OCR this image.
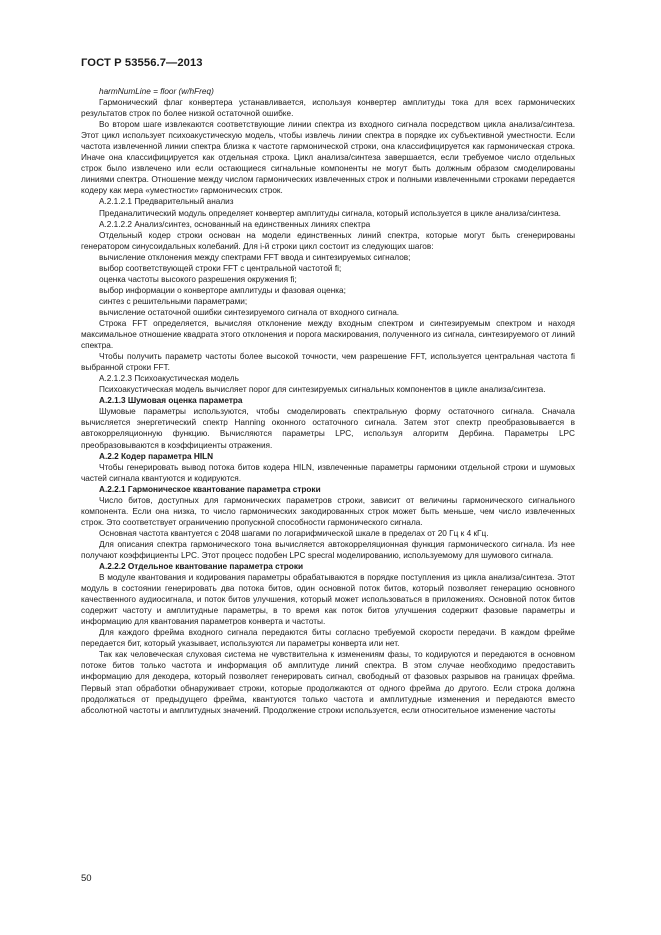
ГОСТ Р 53556.7—2013

harmNumLine = floor (w/hFreq)

Гармонический флаг конвертера устанавливается, используя конвертер амплитуды тока для всех гармонических результатов строк по более низкой остаточной ошибке.

Во втором шаге извлекаются соответствующие линии спектра из входного сигнала посредством цикла анализа/синтеза. Этот цикл использует психоакустическую модель, чтобы извлечь линии спектра в порядке их субъективной уместности. Если частота извлеченной линии спектра близка к частоте гармонической строки, она классифицируется как гармоническая строка. Иначе она классифицируется как отдельная строка. Цикл анализа/синтеза завершается, если требуемое число отдельных строк было извлечено или если остающиеся сигнальные компоненты не могут быть должным образом смоделированы линиями спектра. Отношение между числом гармонических извлеченных строк и полными извлеченными строками передается кодеру как мера «уместности» гармонических строк.

A.2.1.2.1 Предварительный анализ

Преданалитический модуль определяет конвертер амплитуды сигнала, который используется в цикле анализа/синтеза.

A.2.1.2.2 Анализ/синтез, основанный на единственных линиях спектра

Отдельный кодер строки основан на модели единственных линий спектра, которые могут быть сгенерированы генератором синусоидальных колебаний. Для i-й строки цикл состоит из следующих шагов:

вычисление отклонения между спектрами FFT ввода и синтезируемых сигналов;

выбор соответствующей строки FFT с центральной частотой fi;

оценка частоты высокого разрешения окружения fi;

выбор информации о конверторе амплитуды и фазовая оценка;

синтез с решительными параметрами;

вычисление остаточной ошибки синтезируемого сигнала от входного сигнала.

Строка FFT определяется, вычисляя отклонение между входным спектром и синтезируемым спектром и находя максимальное отношение квадрата этого отклонения и порога маскирования, полученного из сигнала, синтезируемого от линий спектра.

Чтобы получить параметр частоты более высокой точности, чем разрешение FFT, используется центральная частота fi выбранной строки FFT.

A.2.1.2.3 Психоакустическая модель

Психоакустическая модель вычисляет порог для синтезируемых сигнальных компонентов в цикле анализа/синтеза.

A.2.1.3 Шумовая оценка параметра

Шумовые параметры используются, чтобы смоделировать спектральную форму остаточного сигнала. Сначала вычисляется энергетический спектр Hanning оконного остаточного сигнала. Затем этот спектр преобразовывается в автокорреляционную функцию. Вычисляются параметры LPC, используя алгоритм Дербина. Параметры LPC преобразовываются в коэффициенты отражения.

A.2.2 Кодер параметра HILN

Чтобы генерировать вывод потока битов кодера HILN, извлеченные параметры гармоники отдельной строки и шумовых частей сигнала квантуются и кодируются.

A.2.2.1 Гармоническое квантование параметра строки

Число битов, доступных для гармонических параметров строки, зависит от величины гармонического сигнального компонента. Если она низка, то число гармонических закодированных строк может быть меньше, чем число извлеченных строк. Это соответствует ограничению пропускной способности гармонического сигнала.

Основная частота квантуется с 2048 шагами по логарифмической шкале в пределах от 20 Гц к 4 кГц.

Для описания спектра гармонического тона вычисляется автокорреляционная функция гармонического сигнала. Из нее получают коэффициенты LPC. Этот процесс подобен LPC specral моделированию, используемому для шумового сигнала.

A.2.2.2 Отдельное квантование параметра строки

В модуле квантования и кодирования параметры обрабатываются в порядке поступления из цикла анализа/синтеза. Этот модуль в состоянии генерировать два потока битов, один основной поток битов, который позволяет генерацию основного качественного аудиосигнала, и поток битов улучшения, который может использоваться в приложениях. Основной поток битов содержит частоту и амплитудные параметры, в то время как поток битов улучшения содержит фазовые параметры и информацию для квантования параметров конверта и частоты.

Для каждого фрейма входного сигнала передаются биты согласно требуемой скорости передачи. В каждом фрейме передается бит, который указывает, используются ли параметры конверта или нет.

Так как человеческая слуховая система не чувствительна к изменениям фазы, то кодируются и передаются в основном потоке битов только частота и информация об амплитуде линий спектра. В этом случае необходимо предоставить информацию для декодера, который позволяет генерировать сигнал, свободный от фазовых разрывов на границах фрейма. Первый этап обработки обнаруживает строки, которые продолжаются от одного фрейма до другого. Если строка должна продолжаться от предыдущего фрейма, квантуются только частота и амплитудные изменения и передаются вместо абсолютной частоты и амплитудных значений. Продолжение строки используется, если относительное изменение частоты

50
